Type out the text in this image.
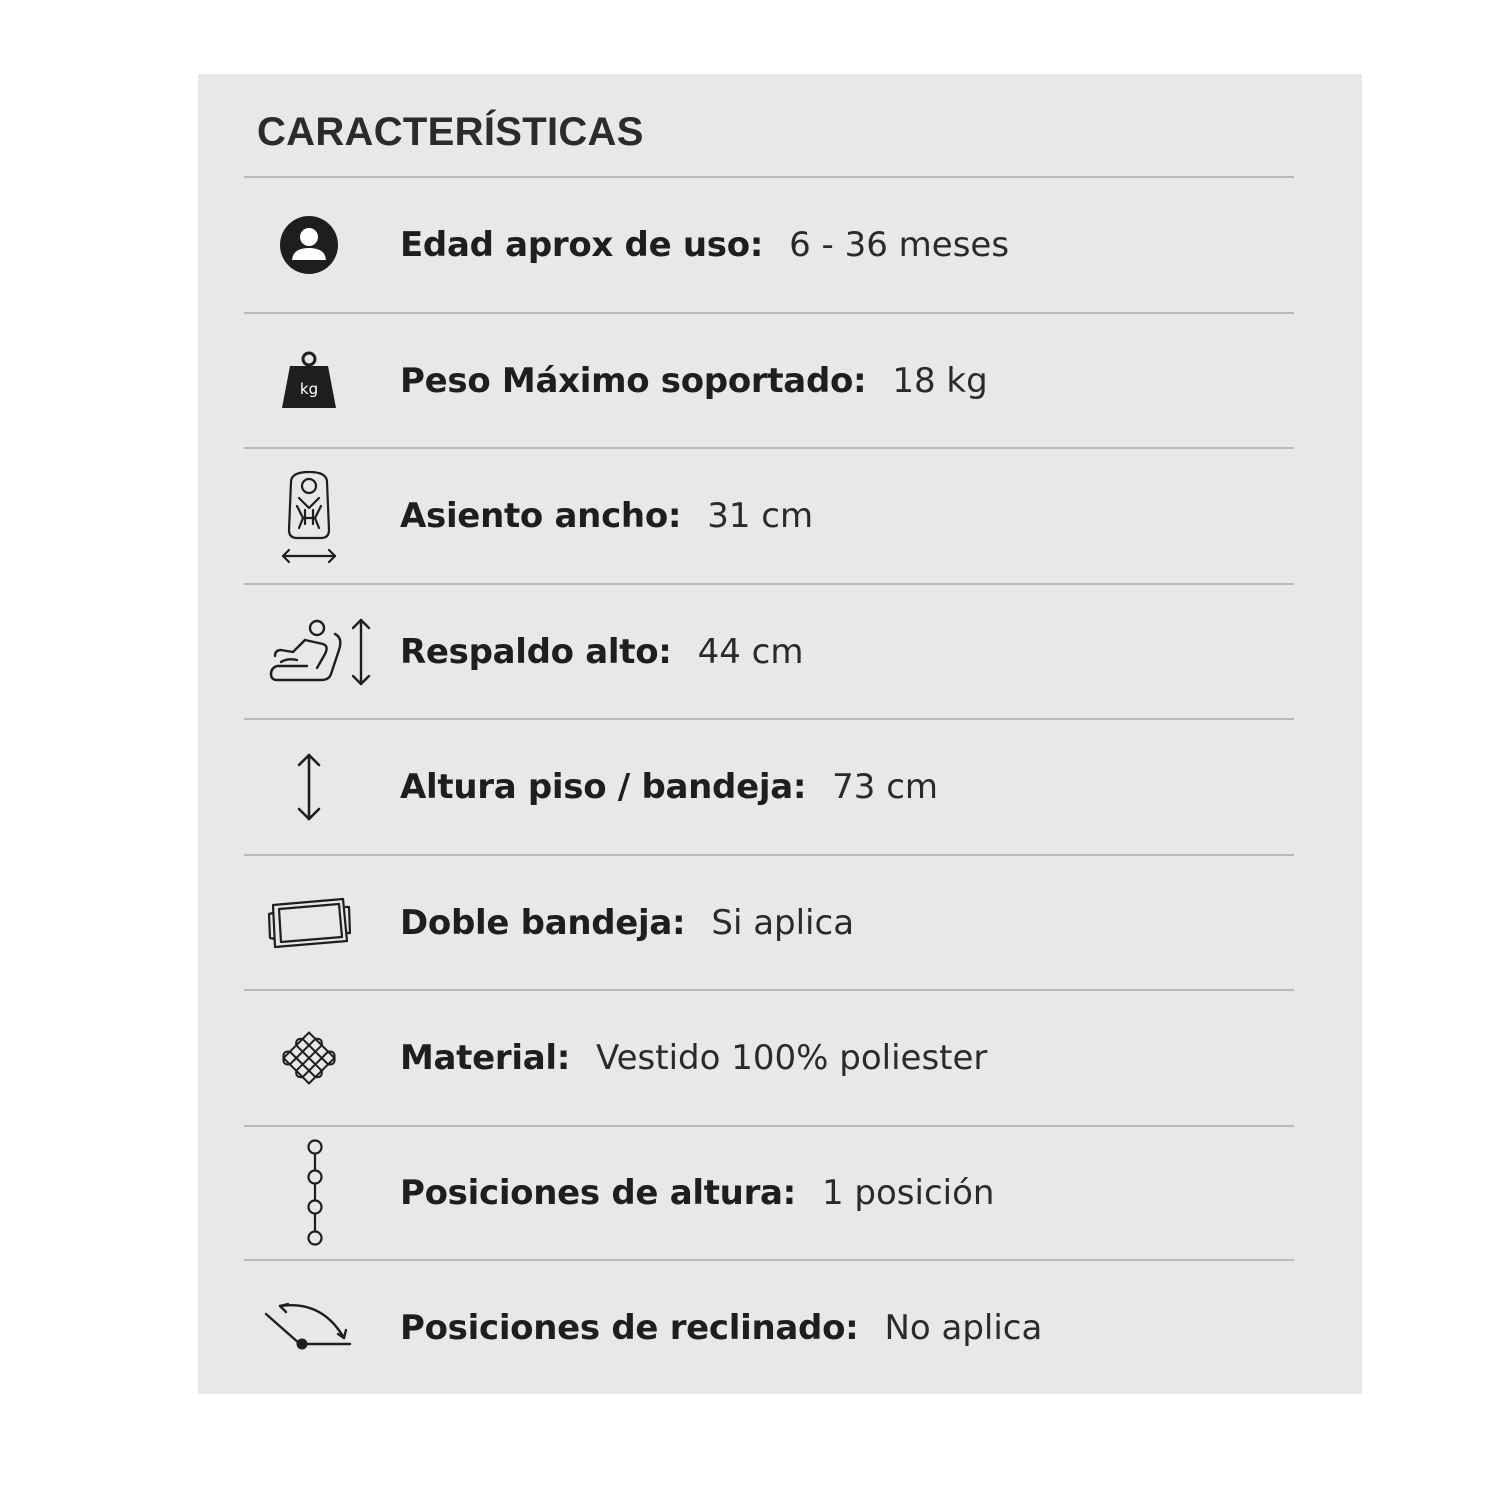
CARACTERÍSTICAS
Edad aprox de uso: 6 - 36 meses
kg Peso Máximo soportado: 18 kg
Asiento ancho: 31 cm
Respaldo alto: 44 cm
Altura piso / bandeja: 73 cm
Doble bandeja: Si aplica
Material: Vestido 100% poliester
Posiciones de altura: 1 posición
Posiciones de reclinado: No aplica
